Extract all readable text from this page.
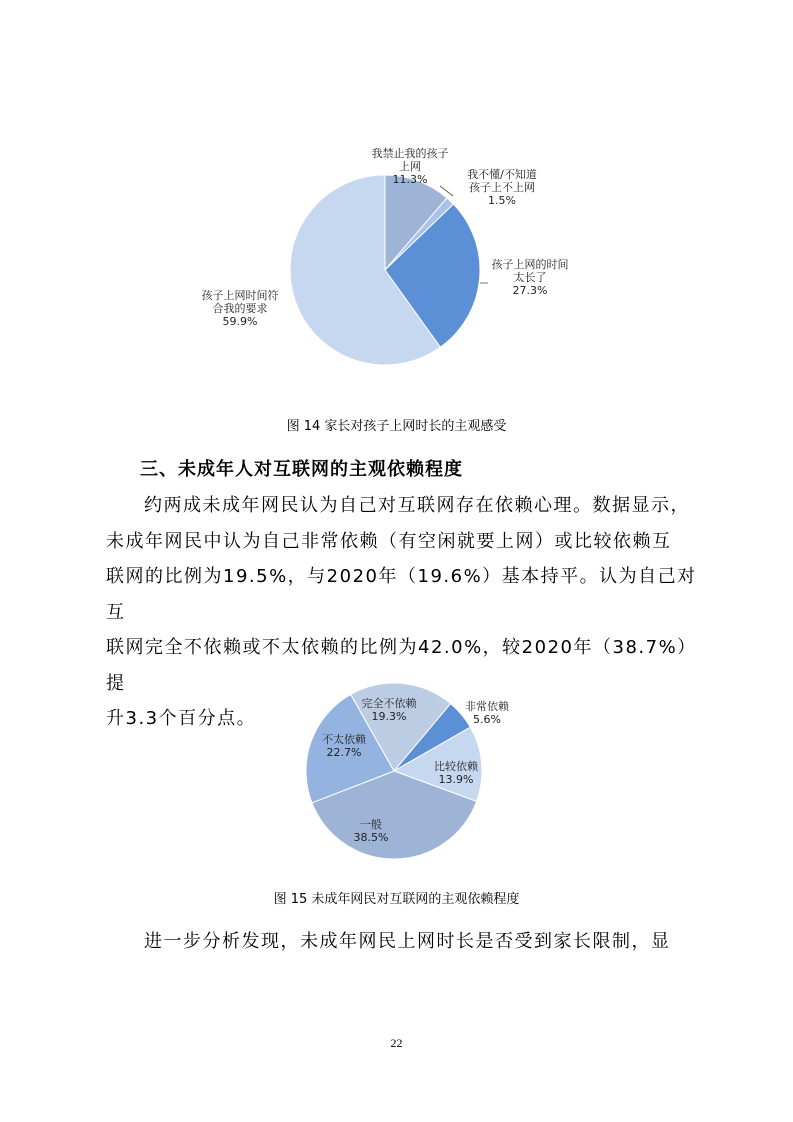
我禁止我的孩子
上网
11.3%	我不懂/不知道
孩子上不上网
1.5%
孩子上网的时间
太长了
27.3%
孩子上网时间符
合我的要求
59.9%
图 14 家长对孩子上网时长的主观感受
三、未成年人对互联网的主观依赖程度

约两成未成年网民认为自己对互联网存在依赖心理。数据显示，

未成年网民中认为自己非常依赖（有空闲就要上网）或比较依赖互

联网的比例为19.5%，与2020年（19.6%）基本持平。认为自己对互

联网完全不依赖或不太依赖的比例为42.0%，较2020年（38.7%）提

升3.3个百分点。

非常依赖
5.6%
比较依赖
13.9%
一般
38.5%
不太依赖
22.7%
完全不依赖
19.3%
图 15 未成年网民对互联网的主观依赖程度

进一步分析发现，未成年网民上网时长是否受到家长限制，显

22
